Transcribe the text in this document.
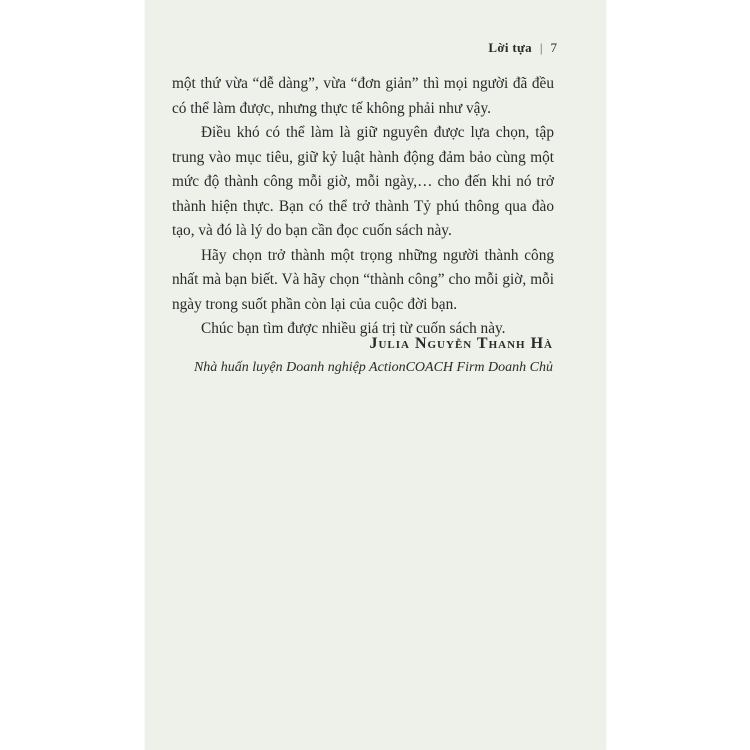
Lời tựa | 7

một thứ vừa “dễ dàng”, vừa “đơn giản” thì mọi người đã đều có thể làm được, nhưng thực tế không phải như vậy.

Điều khó có thể làm là giữ nguyên được lựa chọn, tập trung vào mục tiêu, giữ kỷ luật hành động đảm bảo cùng một mức độ thành công mỗi giờ, mỗi ngày,… cho đến khi nó trở thành hiện thực. Bạn có thể trở thành Tỷ phú thông qua đào tạo, và đó là lý do bạn cần đọc cuốn sách này.

Hãy chọn trở thành một trọng những người thành công nhất mà bạn biết. Và hãy chọn “thành công” cho mỗi giờ, mỗi ngày trong suốt phần còn lại của cuộc đời bạn.

Chúc bạn tìm được nhiều giá trị từ cuốn sách này.

Julia Nguyễn Thanh Hà
Nhà huấn luyện Doanh nghiệp ActionCOACH Firm Doanh Chủ
